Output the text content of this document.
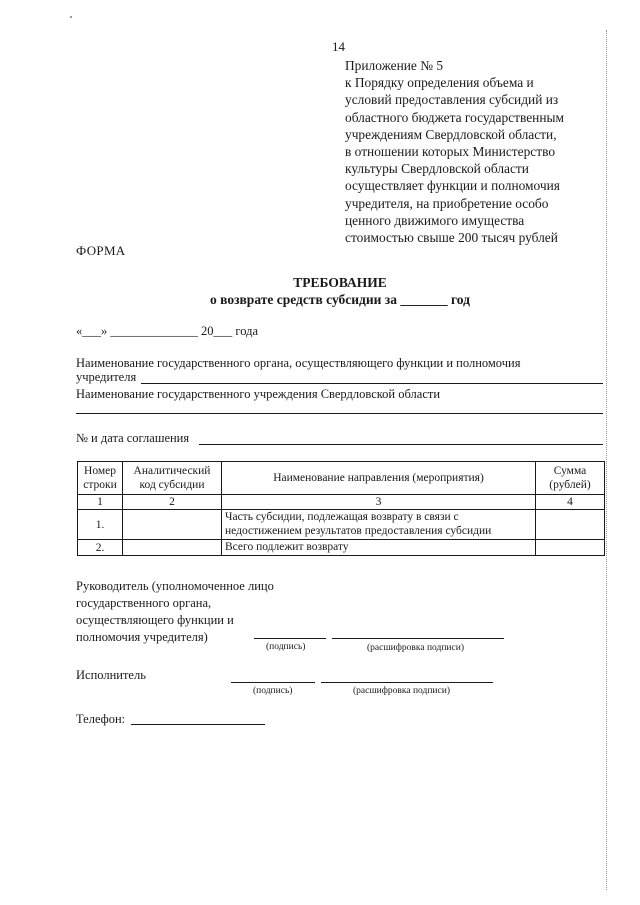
14
Приложение № 5
к Порядку определения объема и
условий предоставления субсидий из
областного бюджета государственным
учреждениям Свердловской области,
в отношении которых Министерство
культуры Свердловской области
осуществляет функции и полномочия
учредителя, на приобретение особо
ценного движимого имущества
стоимостью свыше 200 тысяч рублей
ФОРМА
ТРЕБОВАНИЕ
о возврате средств субсидии за _______ год
«___» ______________ 20___ года
Наименование государственного органа, осуществляющего функции и полномочия
учредителя
Наименование государственного учреждения Свердловской области
№ и дата соглашения
Номер строки	Аналитический код субсидии	Наименование направления (мероприятия)	Сумма (рублей)
1	2	3	4
1.		Часть субсидии, подлежащая возврату в связи с недостижением результатов предоставления субсидии	
2.		Всего подлежит возврату	
Руководитель (уполномоченное лицо
государственного органа,
осуществляющего функции и
полномочия учредителя)
(подпись)	(расшифровка подписи)
Исполнитель
(подпись)	(расшифровка подписи)
Телефон:
